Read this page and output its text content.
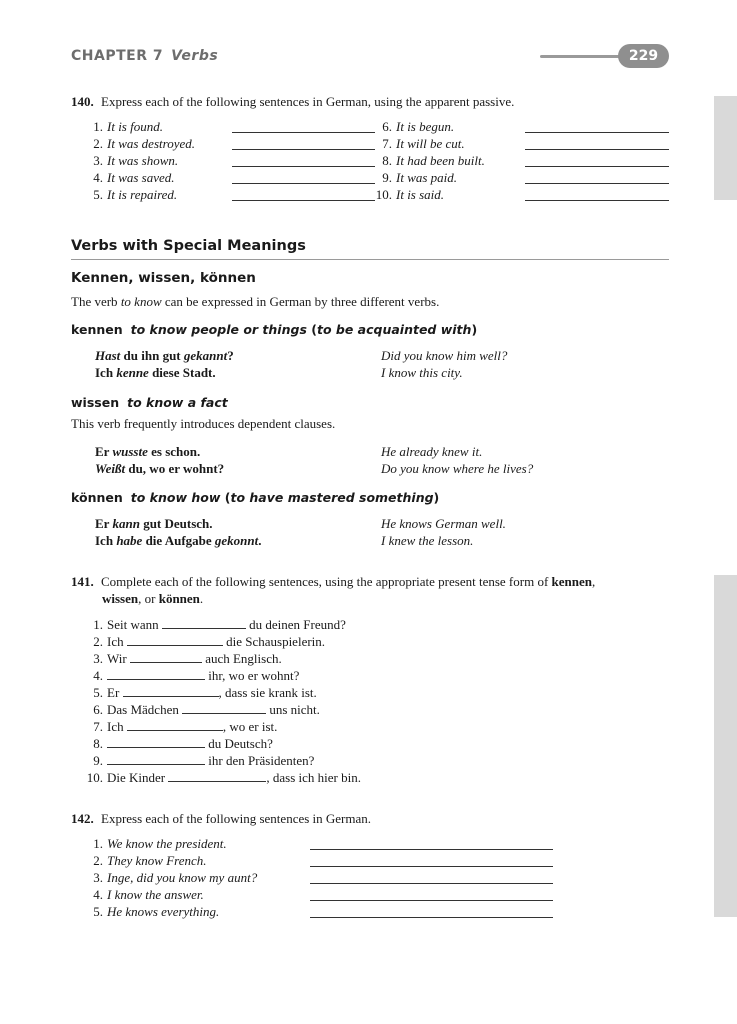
CHAPTER 7 Verbs	229
140. Express each of the following sentences in German, using the apparent passive.
1. It is found.
2. It was destroyed.
3. It was shown.
4. It was saved.
5. It is repaired.
6. It is begun.
7. It will be cut.
8. It had been built.
9. It was paid.
10. It is said.
Verbs with Special Meanings
Kennen, wissen, können
The verb to know can be expressed in German by three different verbs.
kennen to know people or things (to be acquainted with)
Hast du ihn gut gekannt?	Did you know him well?
Ich kenne diese Stadt.	I know this city.
wissen to know a fact
This verb frequently introduces dependent clauses.
Er wusste es schon.	He already knew it.
Weißt du, wo er wohnt?	Do you know where he lives?
können to know how (to have mastered something)
Er kann gut Deutsch.	He knows German well.
Ich habe die Aufgabe gekonnt.	I knew the lesson.
141. Complete each of the following sentences, using the appropriate present tense form of kennen,
wissen, or können.
1. Seit wann	du deinen Freund?
2. Ich	die Schauspielerin.
3. Wir	auch Englisch.
4.	ihr, wo er wohnt?
5. Er	, dass sie krank ist.
6. Das Mädchen	uns nicht.
7. Ich	, wo er ist.
8.	du Deutsch?
9.	ihr den Präsidenten?
10. Die Kinder	, dass ich hier bin.
142. Express each of the following sentences in German.
1. We know the president.
2. They know French.
3. Inge, did you know my aunt?
4. I know the answer.
5. He knows everything.
